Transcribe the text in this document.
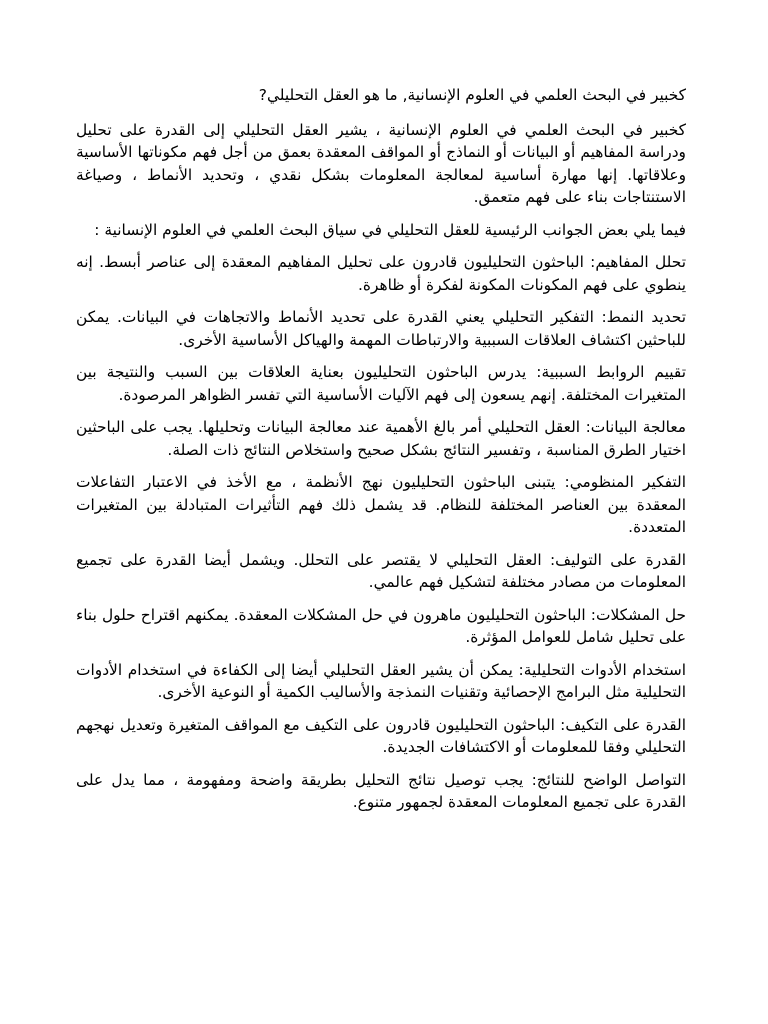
كخبير في البحث العلمي في العلوم الإنسانية, ما هو العقل التحليلي?

كخبير في البحث العلمي في العلوم الإنسانية ، يشير العقل التحليلي إلى القدرة على تحليل ودراسة المفاهيم أو البيانات أو النماذج أو المواقف المعقدة بعمق من أجل فهم مكوناتها الأساسية وعلاقاتها. إنها مهارة أساسية لمعالجة المعلومات بشكل نقدي ، وتحديد الأنماط ، وصياغة الاستنتاجات بناء على فهم متعمق.

فيما يلي بعض الجوانب الرئيسية للعقل التحليلي في سياق البحث العلمي في العلوم الإنسانية :

تحلل المفاهيم: الباحثون التحليليون قادرون على تحليل المفاهيم المعقدة إلى عناصر أبسط. إنه ينطوي على فهم المكونات المكونة لفكرة أو ظاهرة.

تحديد النمط: التفكير التحليلي يعني القدرة على تحديد الأنماط والاتجاهات في البيانات. يمكن للباحثين اكتشاف العلاقات السببية والارتباطات المهمة والهياكل الأساسية الأخرى.

تقييم الروابط السببية: يدرس الباحثون التحليليون بعناية العلاقات بين السبب والنتيجة بين المتغيرات المختلفة. إنهم يسعون إلى فهم الآليات الأساسية التي تفسر الظواهر المرصودة.

معالجة البيانات: العقل التحليلي أمر بالغ الأهمية عند معالجة البيانات وتحليلها. يجب على الباحثين اختيار الطرق المناسبة ، وتفسير النتائج بشكل صحيح واستخلاص النتائج ذات الصلة.

التفكير المنظومي: يتبنى الباحثون التحليليون نهج الأنظمة ، مع الأخذ في الاعتبار التفاعلات المعقدة بين العناصر المختلفة للنظام. قد يشمل ذلك فهم التأثيرات المتبادلة بين المتغيرات المتعددة.

القدرة على التوليف: العقل التحليلي لا يقتصر على التحلل. ويشمل أيضا القدرة على تجميع المعلومات من مصادر مختلفة لتشكيل فهم عالمي.

حل المشكلات: الباحثون التحليليون ماهرون في حل المشكلات المعقدة. يمكنهم اقتراح حلول بناء على تحليل شامل للعوامل المؤثرة.

استخدام الأدوات التحليلية: يمكن أن يشير العقل التحليلي أيضا إلى الكفاءة في استخدام الأدوات التحليلية مثل البرامج الإحصائية وتقنيات النمذجة والأساليب الكمية أو النوعية الأخرى.

القدرة على التكيف: الباحثون التحليليون قادرون على التكيف مع المواقف المتغيرة وتعديل نهجهم التحليلي وفقا للمعلومات أو الاكتشافات الجديدة.

التواصل الواضح للنتائج: يجب توصيل نتائج التحليل بطريقة واضحة ومفهومة ، مما يدل على القدرة على تجميع المعلومات المعقدة لجمهور متنوع.
